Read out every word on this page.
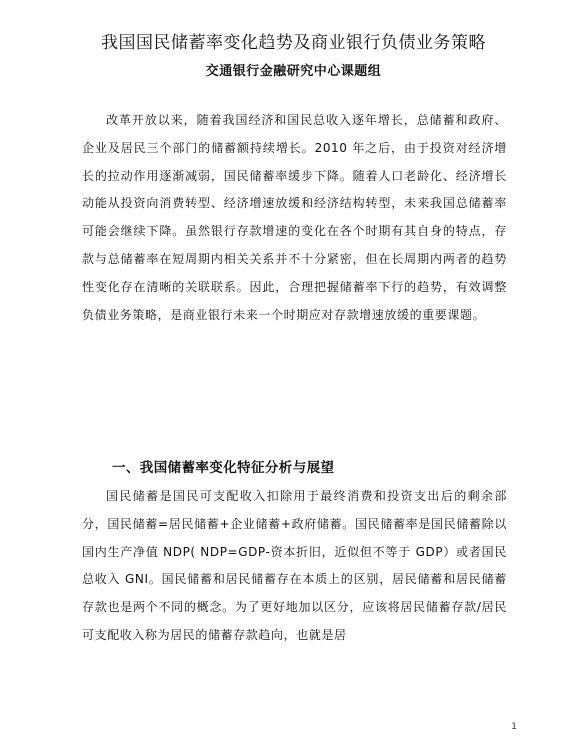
我国国民储蓄率变化趋势及商业银行负债业务策略
交通银行金融研究中心课题组

改革开放以来，随着我国经济和国民总收入逐年增长，总储蓄和政府、企业及居民三个部门的储蓄额持续增长。2010 年之后，由于投资对经济增长的拉动作用逐渐减弱，国民储蓄率缓步下降。随着人口老龄化、经济增长动能从投资向消费转型、经济增速放缓和经济结构转型，未来我国总储蓄率可能会继续下降。虽然银行存款增速的变化在各个时期有其自身的特点，存款与总储蓄率在短周期内相关关系并不十分紧密，但在长周期内两者的趋势性变化存在清晰的关联联系。因此，合理把握储蓄率下行的趋势，有效调整负债业务策略，是商业银行未来一个时期应对存款增速放缓的重要课题。

一、我国储蓄率变化特征分析与展望

国民储蓄是国民可支配收入扣除用于最终消费和投资支出后的剩余部分，国民储蓄=居民储蓄+企业储蓄+政府储蓄。国民储蓄率是国民储蓄除以国内生产净值 NDP( NDP=GDP-资本折旧，近似但不等于 GDP）或者国民总收入 GNI。国民储蓄和居民储蓄存在本质上的区别，居民储蓄和居民储蓄存款也是两个不同的概念。为了更好地加以区分，应该将居民储蓄存款/居民可支配收入称为居民的储蓄存款趋向，也就是居

1
